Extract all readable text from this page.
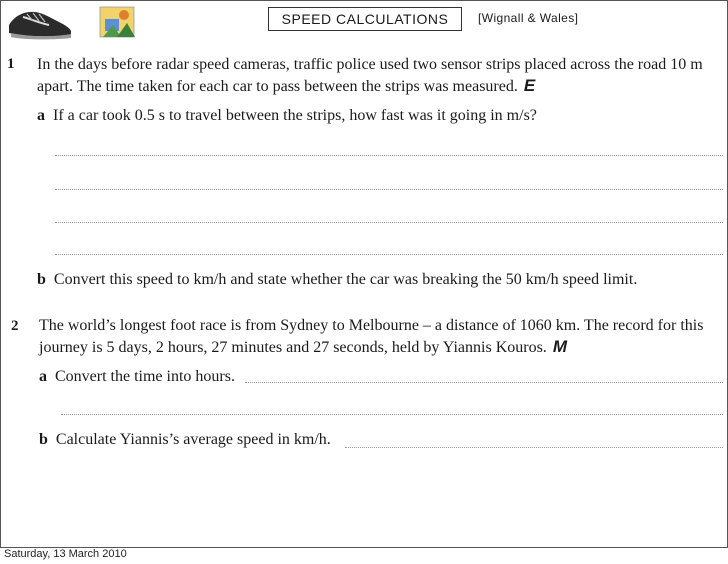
SPEED CALCULATIONS	[Wignall & Wales]
1 In the days before radar speed cameras, traffic police used two sensor strips placed across the road 10 m
apart. The time taken for each car to pass between the strips was measured. E
a If a car took 0.5 s to travel between the strips, how fast was it going in m/s?
b Convert this speed to km/h and state whether the car was breaking the 50 km/h speed limit.
2 The world’s longest foot race is from Sydney to Melbourne – a distance of 1060 km. The record for this
journey is 5 days, 2 hours, 27 minutes and 27 seconds, held by Yiannis Kouros. M
a Convert the time into hours.
b Calculate Yiannis’s average speed in km/h.
Saturday, 13 March 2010
